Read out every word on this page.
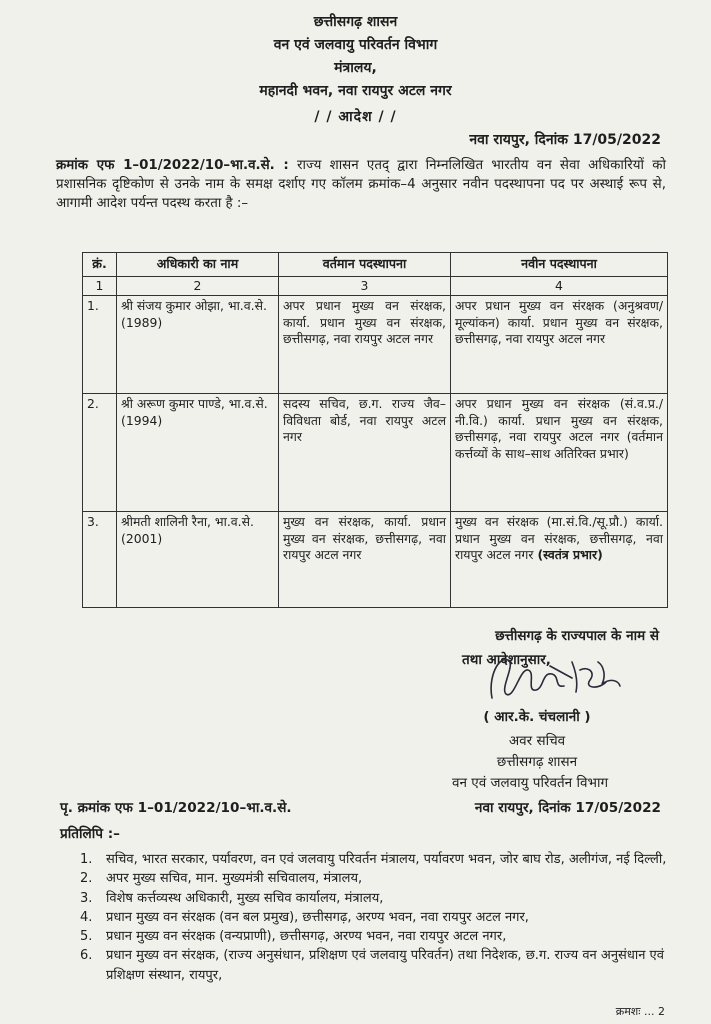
छत्तीसगढ़ शासन
वन एवं जलवायु परिवर्तन विभाग
मंत्रालय,
महानदी भवन, नवा रायपुर अटल नगर
/ / आदेश / /
नवा रायपुर, दिनांक 17/05/2022
क्रमांक एफ 1–01/2022/10–भा.व.से. : राज्य शासन एतद् द्वारा निम्नलिखित भारतीय वन सेवा अधिकारियों को प्रशासनिक दृष्टिकोण से उनके नाम के समक्ष दर्शाए गए कॉलम क्रमांक–4 अनुसार नवीन पदस्थापना पद पर अस्थाई रूप से, आगामी आदेश पर्यन्त पदस्थ करता है :–
क्रं.	अधिकारी का नाम	वर्तमान पदस्थापना	नवीन पदस्थापना
1	2	3	4
1.	श्री संजय कुमार ओझा, भा.व.से. (1989)	अपर प्रधान मुख्य वन संरक्षक, कार्या. प्रधान मुख्य वन संरक्षक, छत्तीसगढ़, नवा रायपुर अटल नगर	अपर प्रधान मुख्य वन संरक्षक (अनुश्रवण/मूल्यांकन) कार्या. प्रधान मुख्य वन संरक्षक, छत्तीसगढ़, नवा रायपुर अटल नगर
2.	श्री अरूण कुमार पाण्डे, भा.व.से. (1994)	सदस्य सचिव, छ.ग. राज्य जैव–विविधता बोर्ड, नवा रायपुर अटल नगर	अपर प्रधान मुख्य वन संरक्षक (सं.व.प्र./नी.वि.) कार्या. प्रधान मुख्य वन संरक्षक, छत्तीसगढ़, नवा रायपुर अटल नगर (वर्तमान कर्त्तव्यों के साथ–साथ अतिरिक्त प्रभार)
3.	श्रीमती शालिनी रैना, भा.व.से. (2001)	मुख्य वन संरक्षक, कार्या. प्रधान मुख्य वन संरक्षक, छत्तीसगढ़, नवा रायपुर अटल नगर	मुख्य वन संरक्षक (मा.सं.वि./सू.प्रौ.) कार्या. प्रधान मुख्य वन संरक्षक, छत्तीसगढ़, नवा रायपुर अटल नगर (स्वतंत्र प्रभार)
छत्तीसगढ़ के राज्यपाल के नाम से
तथा आदेशानुसार,
( आर.के. चंचलानी )
अवर सचिव
छत्तीसगढ़ शासन
वन एवं जलवायु परिवर्तन विभाग
पृ. क्रमांक एफ 1–01/2022/10–भा.व.से.	नवा रायपुर, दिनांक 17/05/2022
प्रतिलिपि :–
1. सचिव, भारत सरकार, पर्यावरण, वन एवं जलवायु परिवर्तन मंत्रालय, पर्यावरण भवन, जोर बाघ रोड, अलीगंज, नई दिल्ली,
2. अपर मुख्य सचिव, मान. मुख्यमंत्री सचिवालय, मंत्रालय,
3. विशेष कर्त्तव्यस्थ अधिकारी, मुख्य सचिव कार्यालय, मंत्रालय,
4. प्रधान मुख्य वन संरक्षक (वन बल प्रमुख), छत्तीसगढ़, अरण्य भवन, नवा रायपुर अटल नगर,
5. प्रधान मुख्य वन संरक्षक (वन्यप्राणी), छत्तीसगढ़, अरण्य भवन, नवा रायपुर अटल नगर,
6. प्रधान मुख्य वन संरक्षक, (राज्य अनुसंधान, प्रशिक्षण एवं जलवायु परिवर्तन) तथा निदेशक, छ.ग. राज्य वन अनुसंधान एवं प्रशिक्षण संस्थान, रायपुर,
क्रमशः ... 2
